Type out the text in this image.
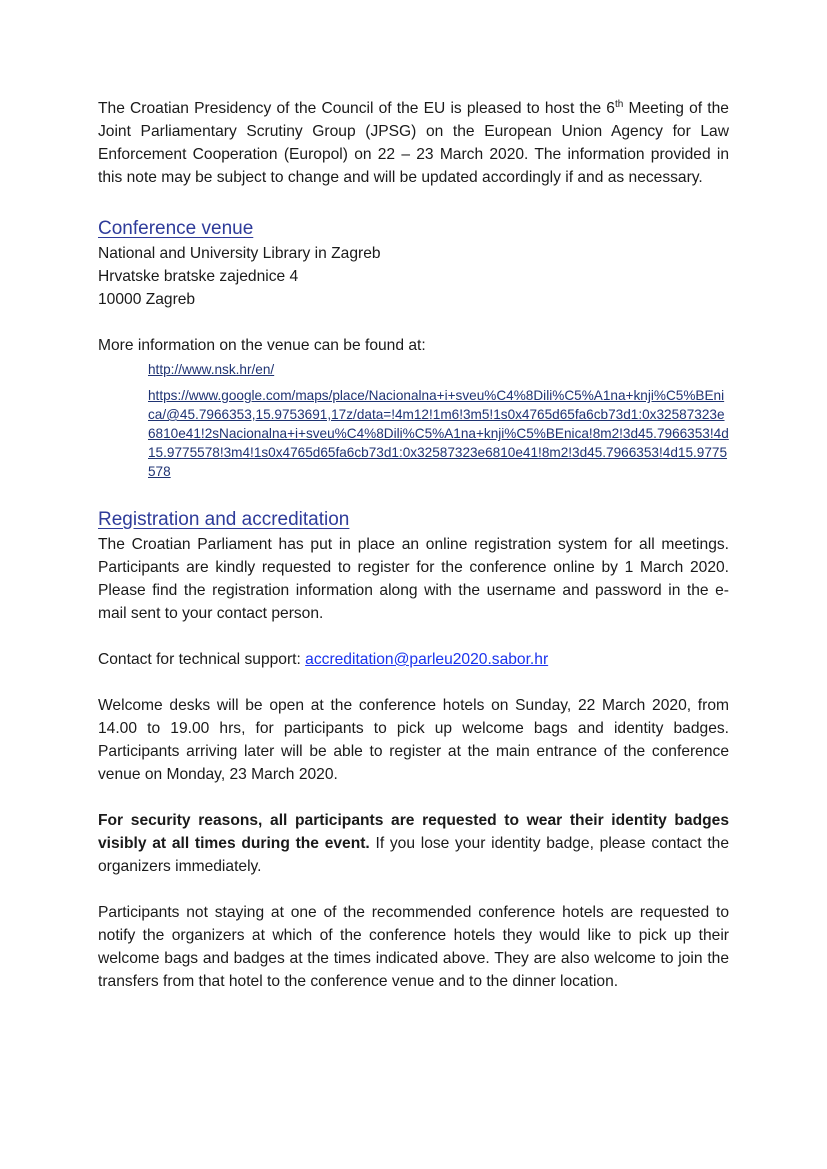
The Croatian Presidency of the Council of the EU is pleased to host the 6th Meeting of the Joint Parliamentary Scrutiny Group (JPSG) on the European Union Agency for Law Enforcement Cooperation (Europol) on 22 – 23 March 2020. The information provided in this note may be subject to change and will be updated accordingly if and as necessary.

Conference venue
National and University Library in Zagreb
Hrvatske bratske zajednice 4
10000 Zagreb

More information on the venue can be found at:

http://www.nsk.hr/en/
https://www.google.com/maps/place/Nacionalna+i+sveu%C4%8Dili%C5%A1na+knji%C5%BEnica/@45.7966353,15.9753691,17z/data=!4m12!1m6!3m5!1s0x4765d65fa6cb73d1:0x32587323e6810e41!2sNacionalna+i+sveu%C4%8Dili%C5%A1na+knji%C5%BEnica!8m2!3d45.7966353!4d15.9775578!3m4!1s0x4765d65fa6cb73d1:0x32587323e6810e41!8m2!3d45.7966353!4d15.9775578
Registration and accreditation

The Croatian Parliament has put in place an online registration system for all meetings. Participants are kindly requested to register for the conference online by 1 March 2020. Please find the registration information along with the username and password in the e-mail sent to your contact person.

Contact for technical support: accreditation@parleu2020.sabor.hr

Welcome desks will be open at the conference hotels on Sunday, 22 March 2020, from 14.00 to 19.00 hrs, for participants to pick up welcome bags and identity badges. Participants arriving later will be able to register at the main entrance of the conference venue on Monday, 23 March 2020.

For security reasons, all participants are requested to wear their identity badges visibly at all times during the event. If you lose your identity badge, please contact the organizers immediately.

Participants not staying at one of the recommended conference hotels are requested to notify the organizers at which of the conference hotels they would like to pick up their welcome bags and badges at the times indicated above. They are also welcome to join the transfers from that hotel to the conference venue and to the dinner location.
